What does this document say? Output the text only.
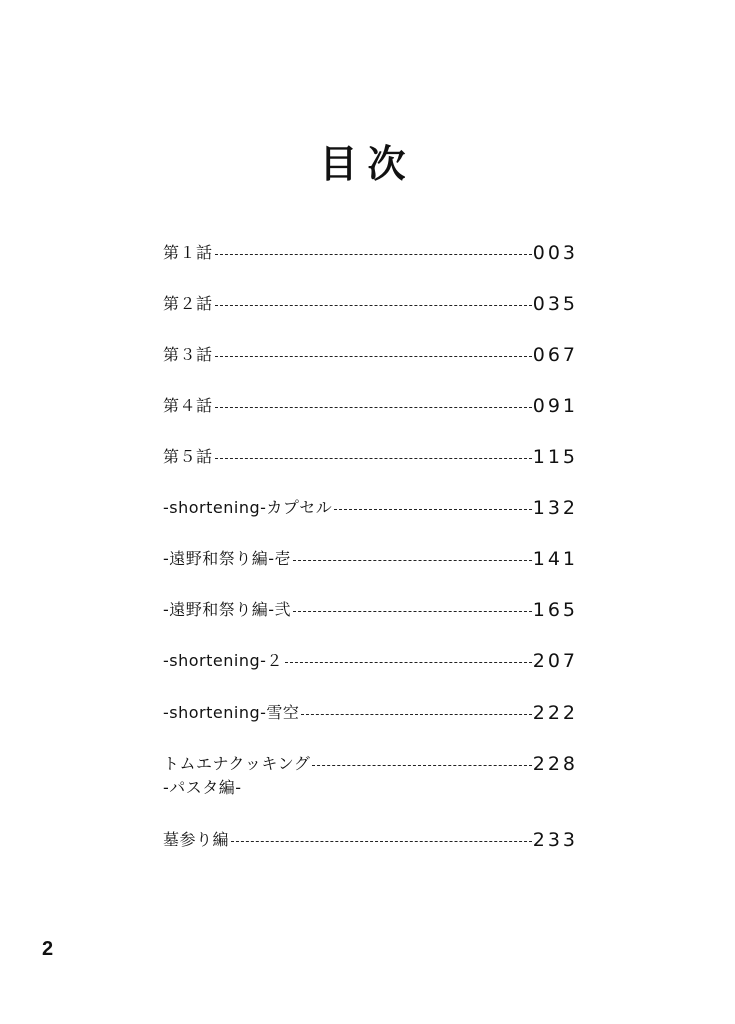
目次
第１話	003
第２話	035
第３話	067
第４話	091
第５話	115
-shortening-カプセル	132
-遠野和祭り編-壱	141
-遠野和祭り編-弐	165
-shortening-２	207
-shortening-雪空	222
トムエナクッキング	228
-パスタ編-
墓参り編	233
2
